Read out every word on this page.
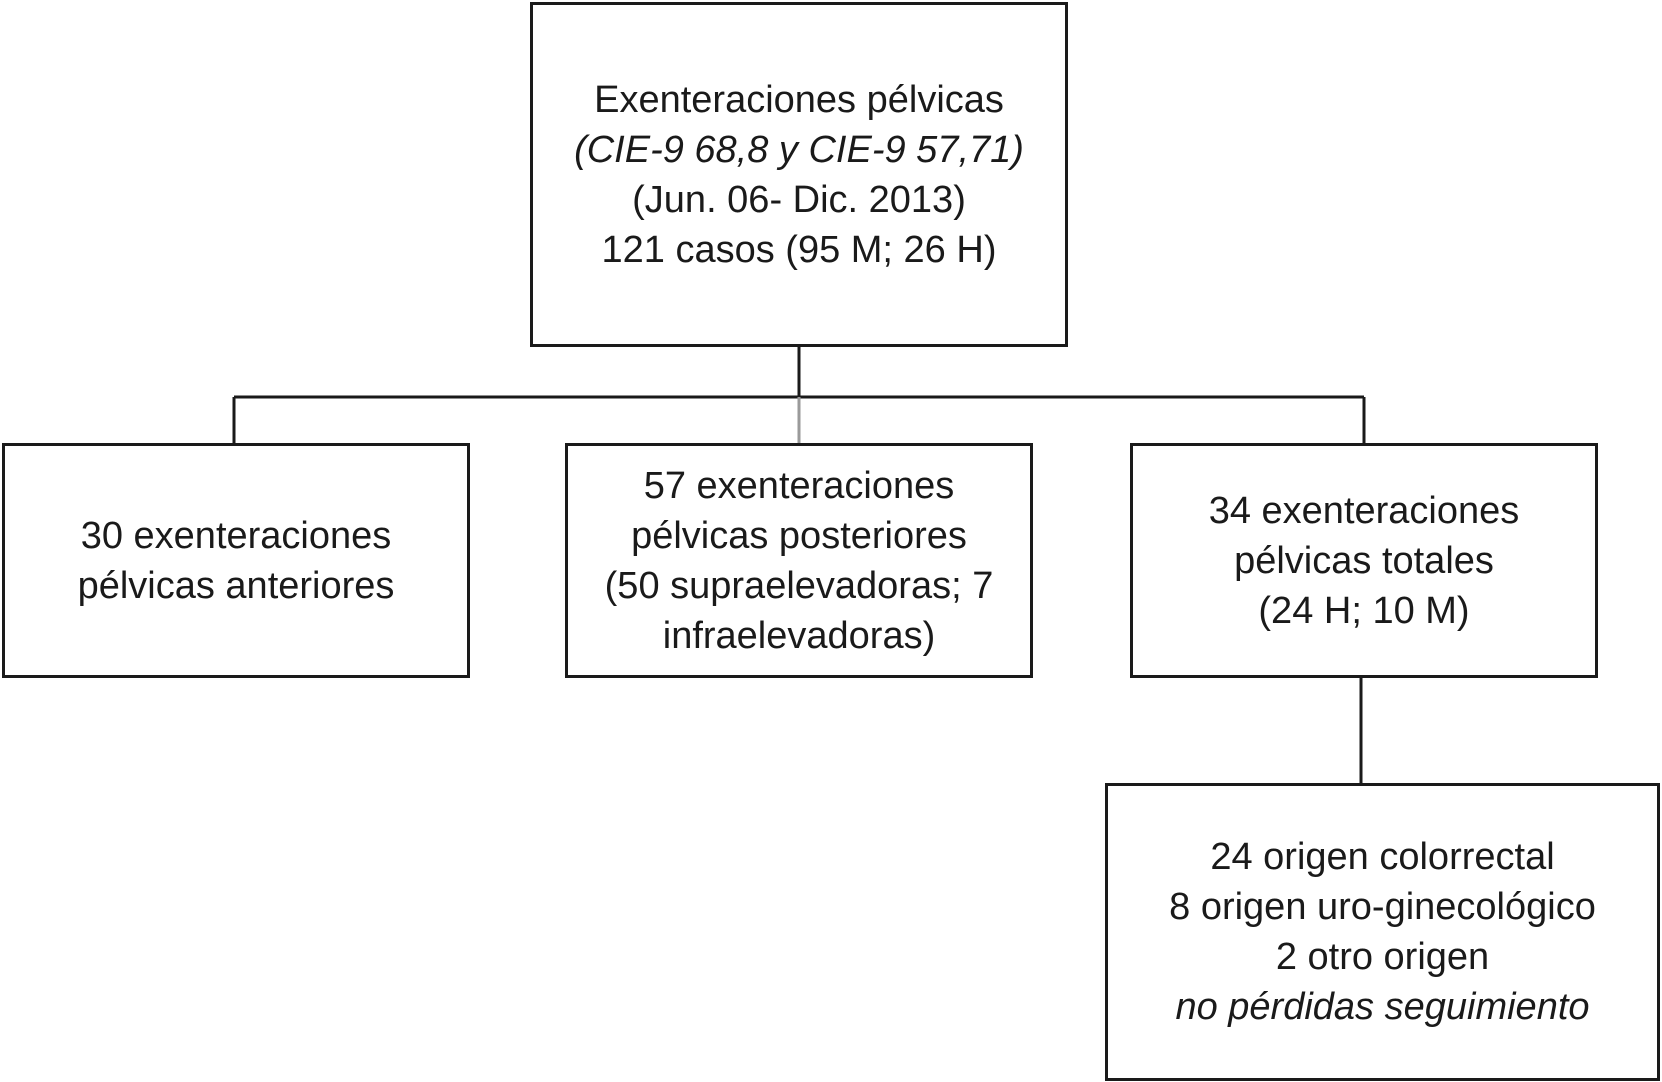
Exenteraciones pélvicas
(CIE-9 68,8 y CIE-9 57,71)
(Jun. 06- Dic. 2013)
121 casos (95 M; 26 H)
30 exenteraciones
pélvicas anteriores
57 exenteraciones
pélvicas posteriores
(50 supraelevadoras; 7
infraelevadoras)
34 exenteraciones
pélvicas totales
(24 H; 10 M)
24 origen colorrectal
8 origen uro-ginecológico
2 otro origen
no pérdidas seguimiento
